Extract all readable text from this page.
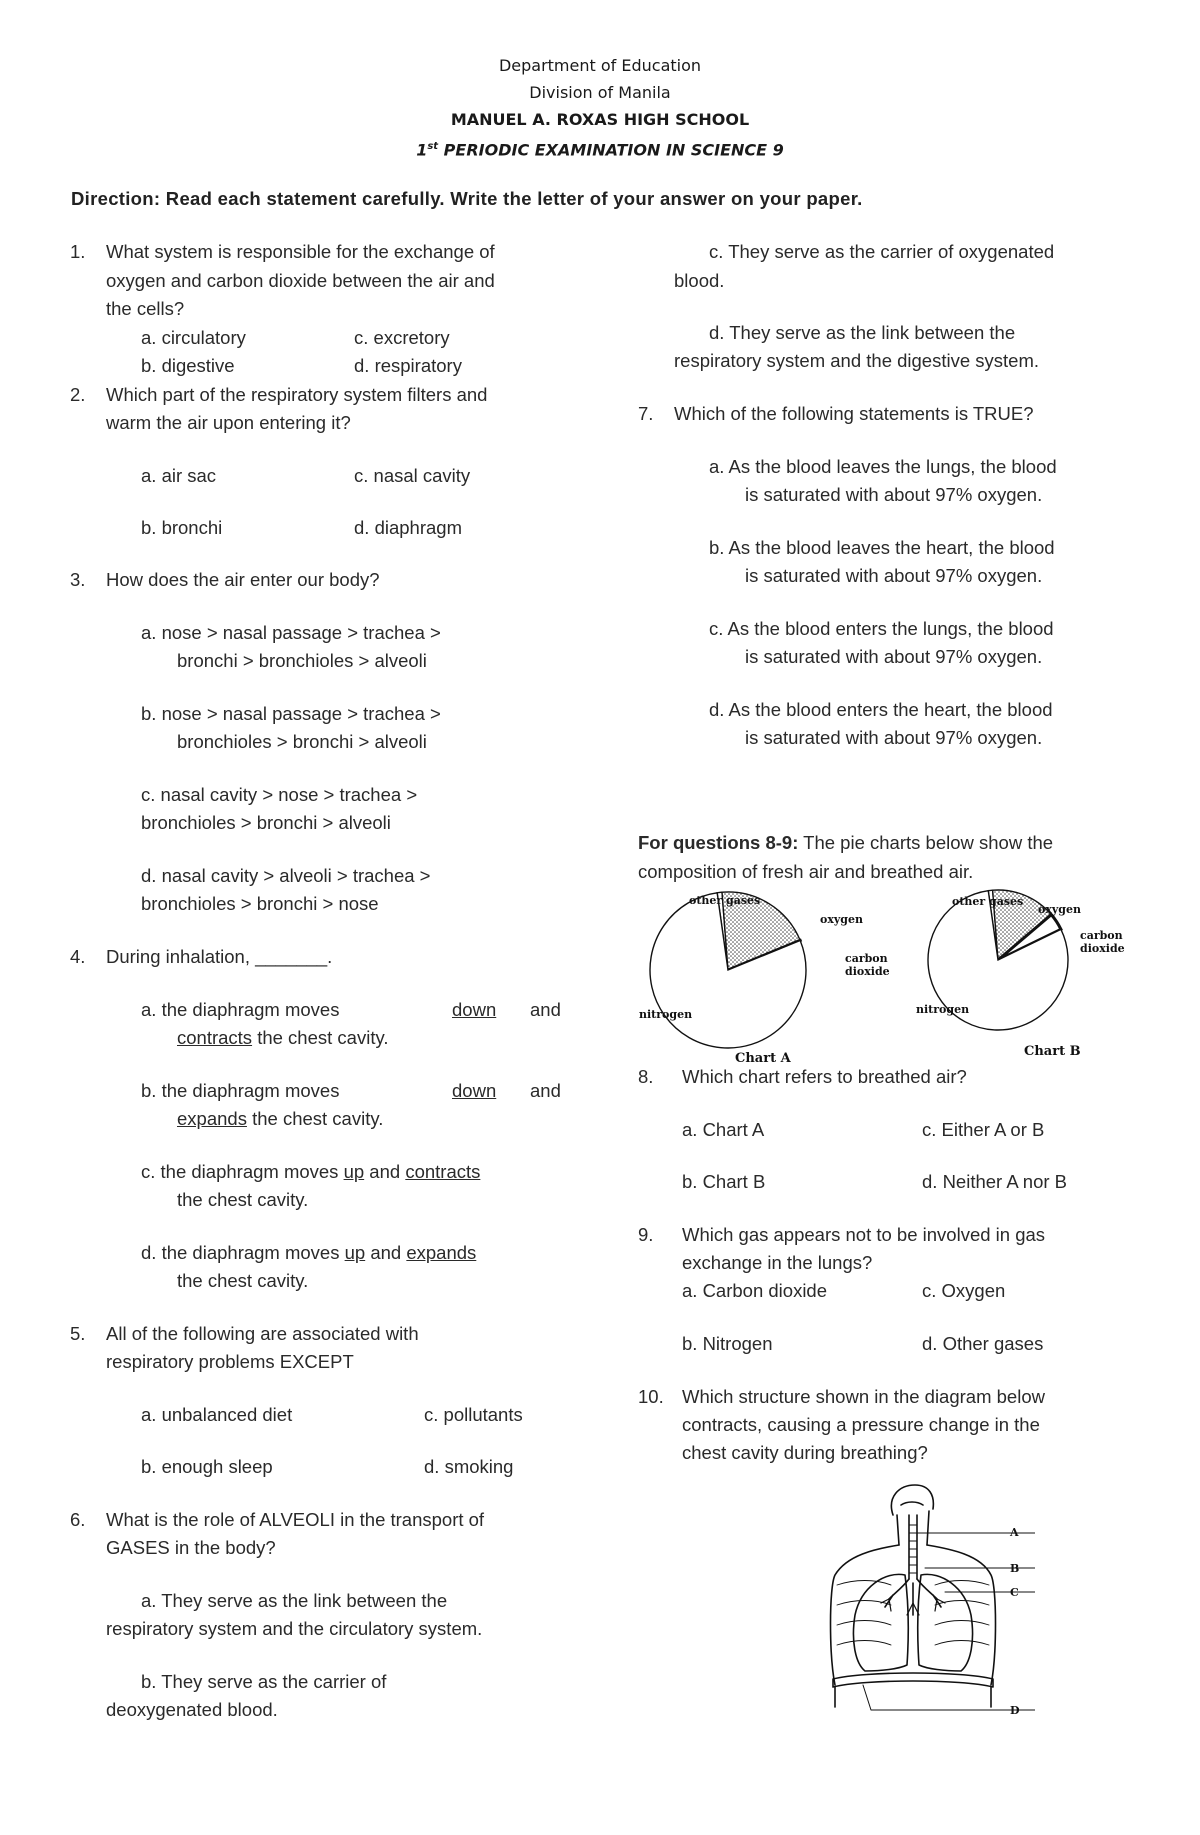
Department of Education
Division of Manila
MANUEL A. ROXAS HIGH SCHOOL
1st PERIODIC EXAMINATION IN SCIENCE 9
Direction: Read each statement carefully. Write the letter of your answer on your paper.
1. What system is responsible for the exchange of
oxygen and carbon dioxide between the air and
the cells?
a. circulatory	c. excretory
b. digestive	d. respiratory
2. Which part of the respiratory system filters and
warm the air upon entering it?
a. air sac	c. nasal cavity
b. bronchi	d. diaphragm
3. How does the air enter our body?
a. nose > nasal passage > trachea >
bronchi > bronchioles > alveoli
b. nose > nasal passage > trachea >
bronchioles > bronchi > alveoli
c. nasal cavity > nose > trachea >
bronchioles > bronchi > alveoli
d. nasal cavity > alveoli > trachea >
bronchioles > bronchi > nose
4. During inhalation, _______.
a. the diaphragm moves	down and
contracts the chest cavity.
b. the diaphragm moves	down and
expands the chest cavity.
c. the diaphragm moves up and contracts
the chest cavity.
d. the diaphragm moves up and expands
the chest cavity.
5. All of the following are associated with
respiratory problems EXCEPT
a. unbalanced diet	c. pollutants
b. enough sleep	d. smoking
6. What is the role of ALVEOLI in the transport of
GASES in the body?
a. They serve as the link between the
respiratory system and the circulatory system.
b. They serve as the carrier of
deoxygenated blood.
c. They serve as the carrier of oxygenated
blood.
d. They serve as the link between the
respiratory system and the digestive system.
7. Which of the following statements is TRUE?
a. As the blood leaves the lungs, the blood
is saturated with about 97% oxygen.
b. As the blood leaves the heart, the blood
is saturated with about 97% oxygen.
c. As the blood enters the lungs, the blood
is saturated with about 97% oxygen.
d. As the blood enters the heart, the blood
is saturated with about 97% oxygen.
For questions 8-9: The pie charts below show the
composition of fresh air and breathed air.
other gases
oxygen
carbon
dioxide
nitrogen
Chart A
other gases
oxygen
carbon
dioxide
nitrogen
Chart B
8. Which chart refers to breathed air?
a. Chart A	c. Either A or B
b. Chart B	d. Neither A nor B
9. Which gas appears not to be involved in gas
exchange in the lungs?
a. Carbon dioxide	c. Oxygen
b. Nitrogen	d. Other gases
10. Which structure shown in the diagram below
contracts, causing a pressure change in the
chest cavity during breathing?
A
B
C
D
